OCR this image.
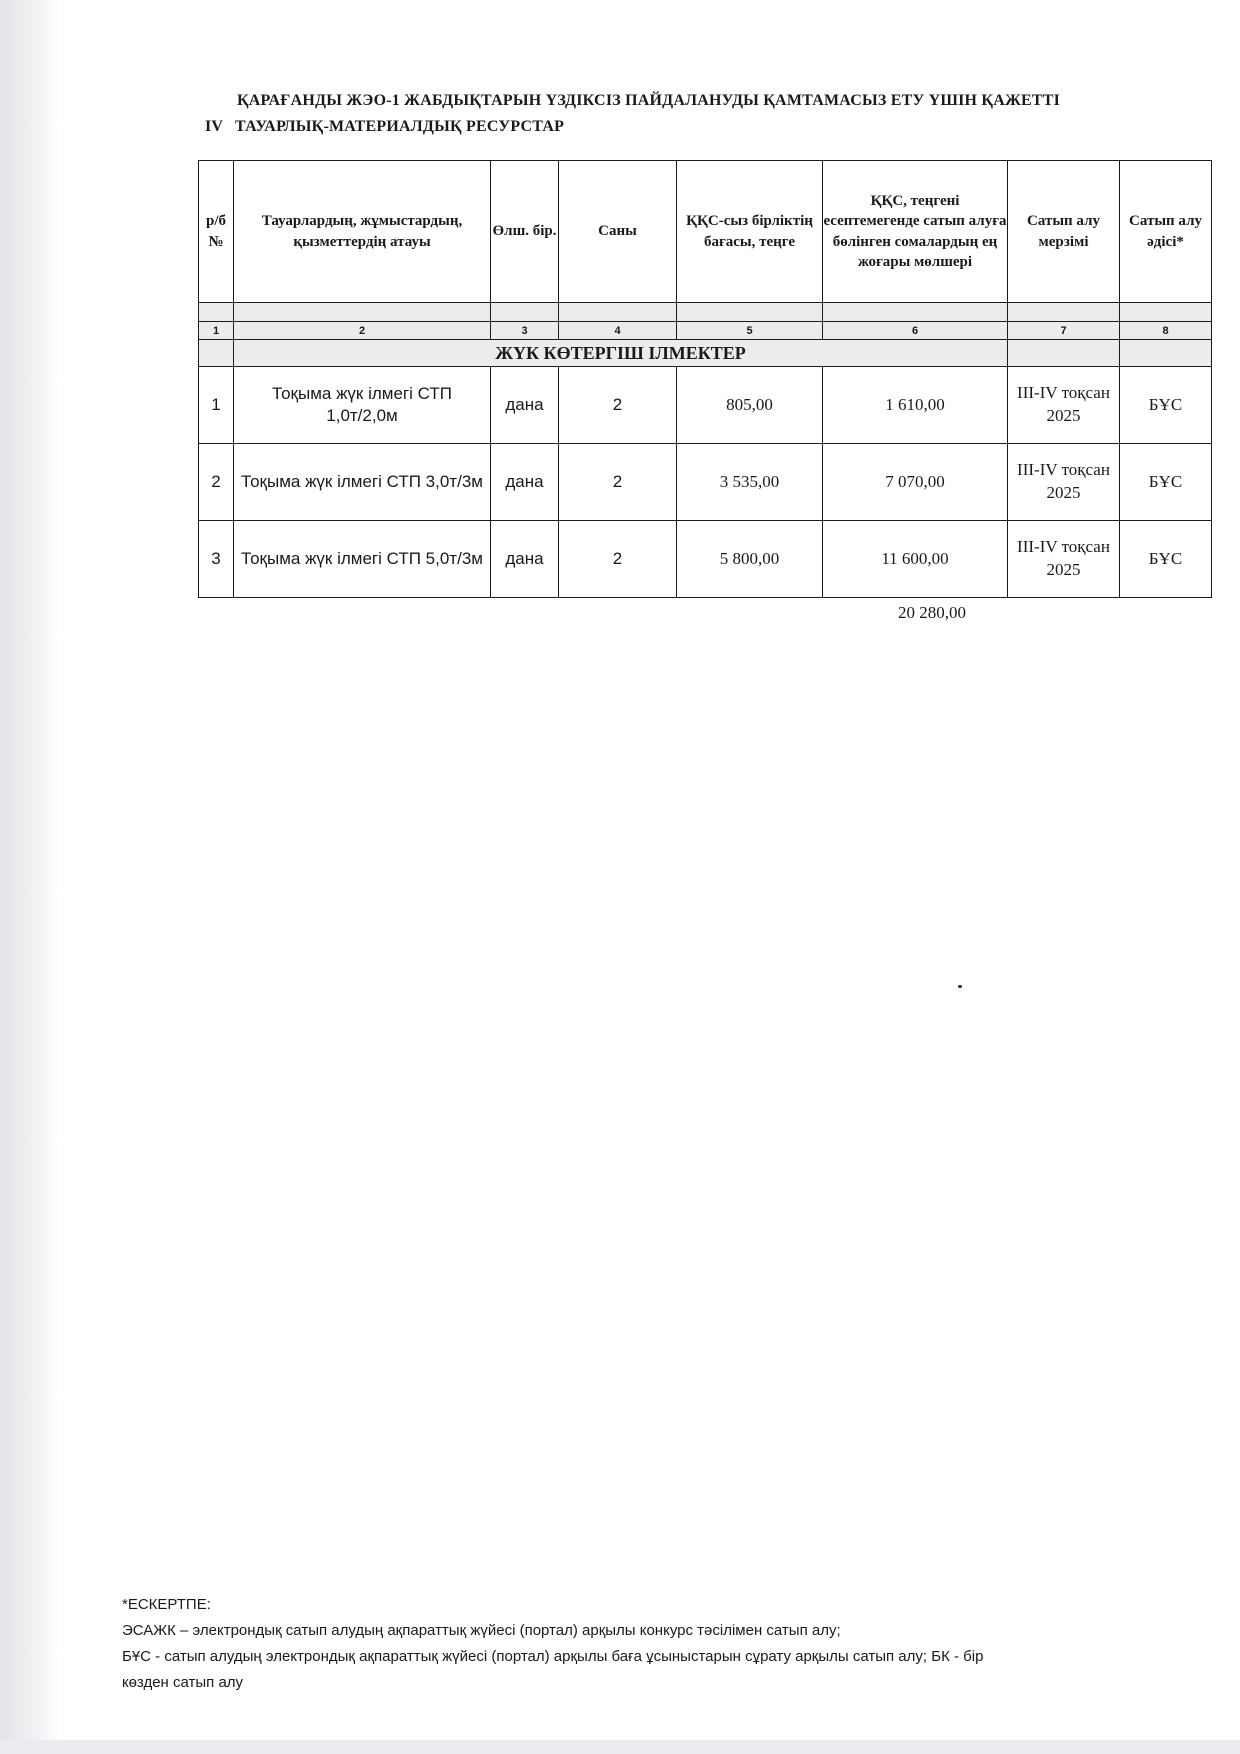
ҚАРАҒАНДЫ ЖЭО-1 ЖАБДЫҚТАРЫН ҮЗДІКСІЗ ПАЙДАЛАНУДЫ ҚАМТАМАСЫЗ ЕТУ ҮШІН ҚАЖЕТТІ
IV ТАУАРЛЫҚ-МАТЕРИАЛДЫҚ РЕСУРСТАР
р/б №	Тауарлардың, жұмыстардың, қызметтердің атауы	Өлш. бір.	Саны	ҚҚС-сыз бірліктің бағасы, теңге	ҚҚС, теңгені есептемегенде сатып алуға бөлінген сомалардың ең жоғары мөлшері	Сатып алу мерзімі	Сатып алу әдісі*

1	2	3	4	5	6	7	8
	ЖҮК КӨТЕРГІШ ІЛМЕКТЕР						
1	Тоқыма жүк ілмегі СТП 1,0т/2,0м	дана	2	805,00	1 610,00	III-IV тоқсан 2025	БҰС
2	Тоқыма жүк ілмегі СТП 3,0т/3м	дана	2	3 535,00	7 070,00	III-IV тоқсан 2025	БҰС
3	Тоқыма жүк ілмегі СТП 5,0т/3м	дана	2	5 800,00	11 600,00	III-IV тоқсан 2025	БҰС
20 280,00
*ЕСКЕРТПЕ:
ЭСАЖК – электрондық сатып алудың ақпараттық жүйесі (портал) арқылы конкурс тәсілімен сатып алу;
БҰС - сатып алудың электрондық ақпараттық жүйесі (портал) арқылы баға ұсыныстарын сұрату арқылы сатып алу; БК - бір
көзден сатып алу
